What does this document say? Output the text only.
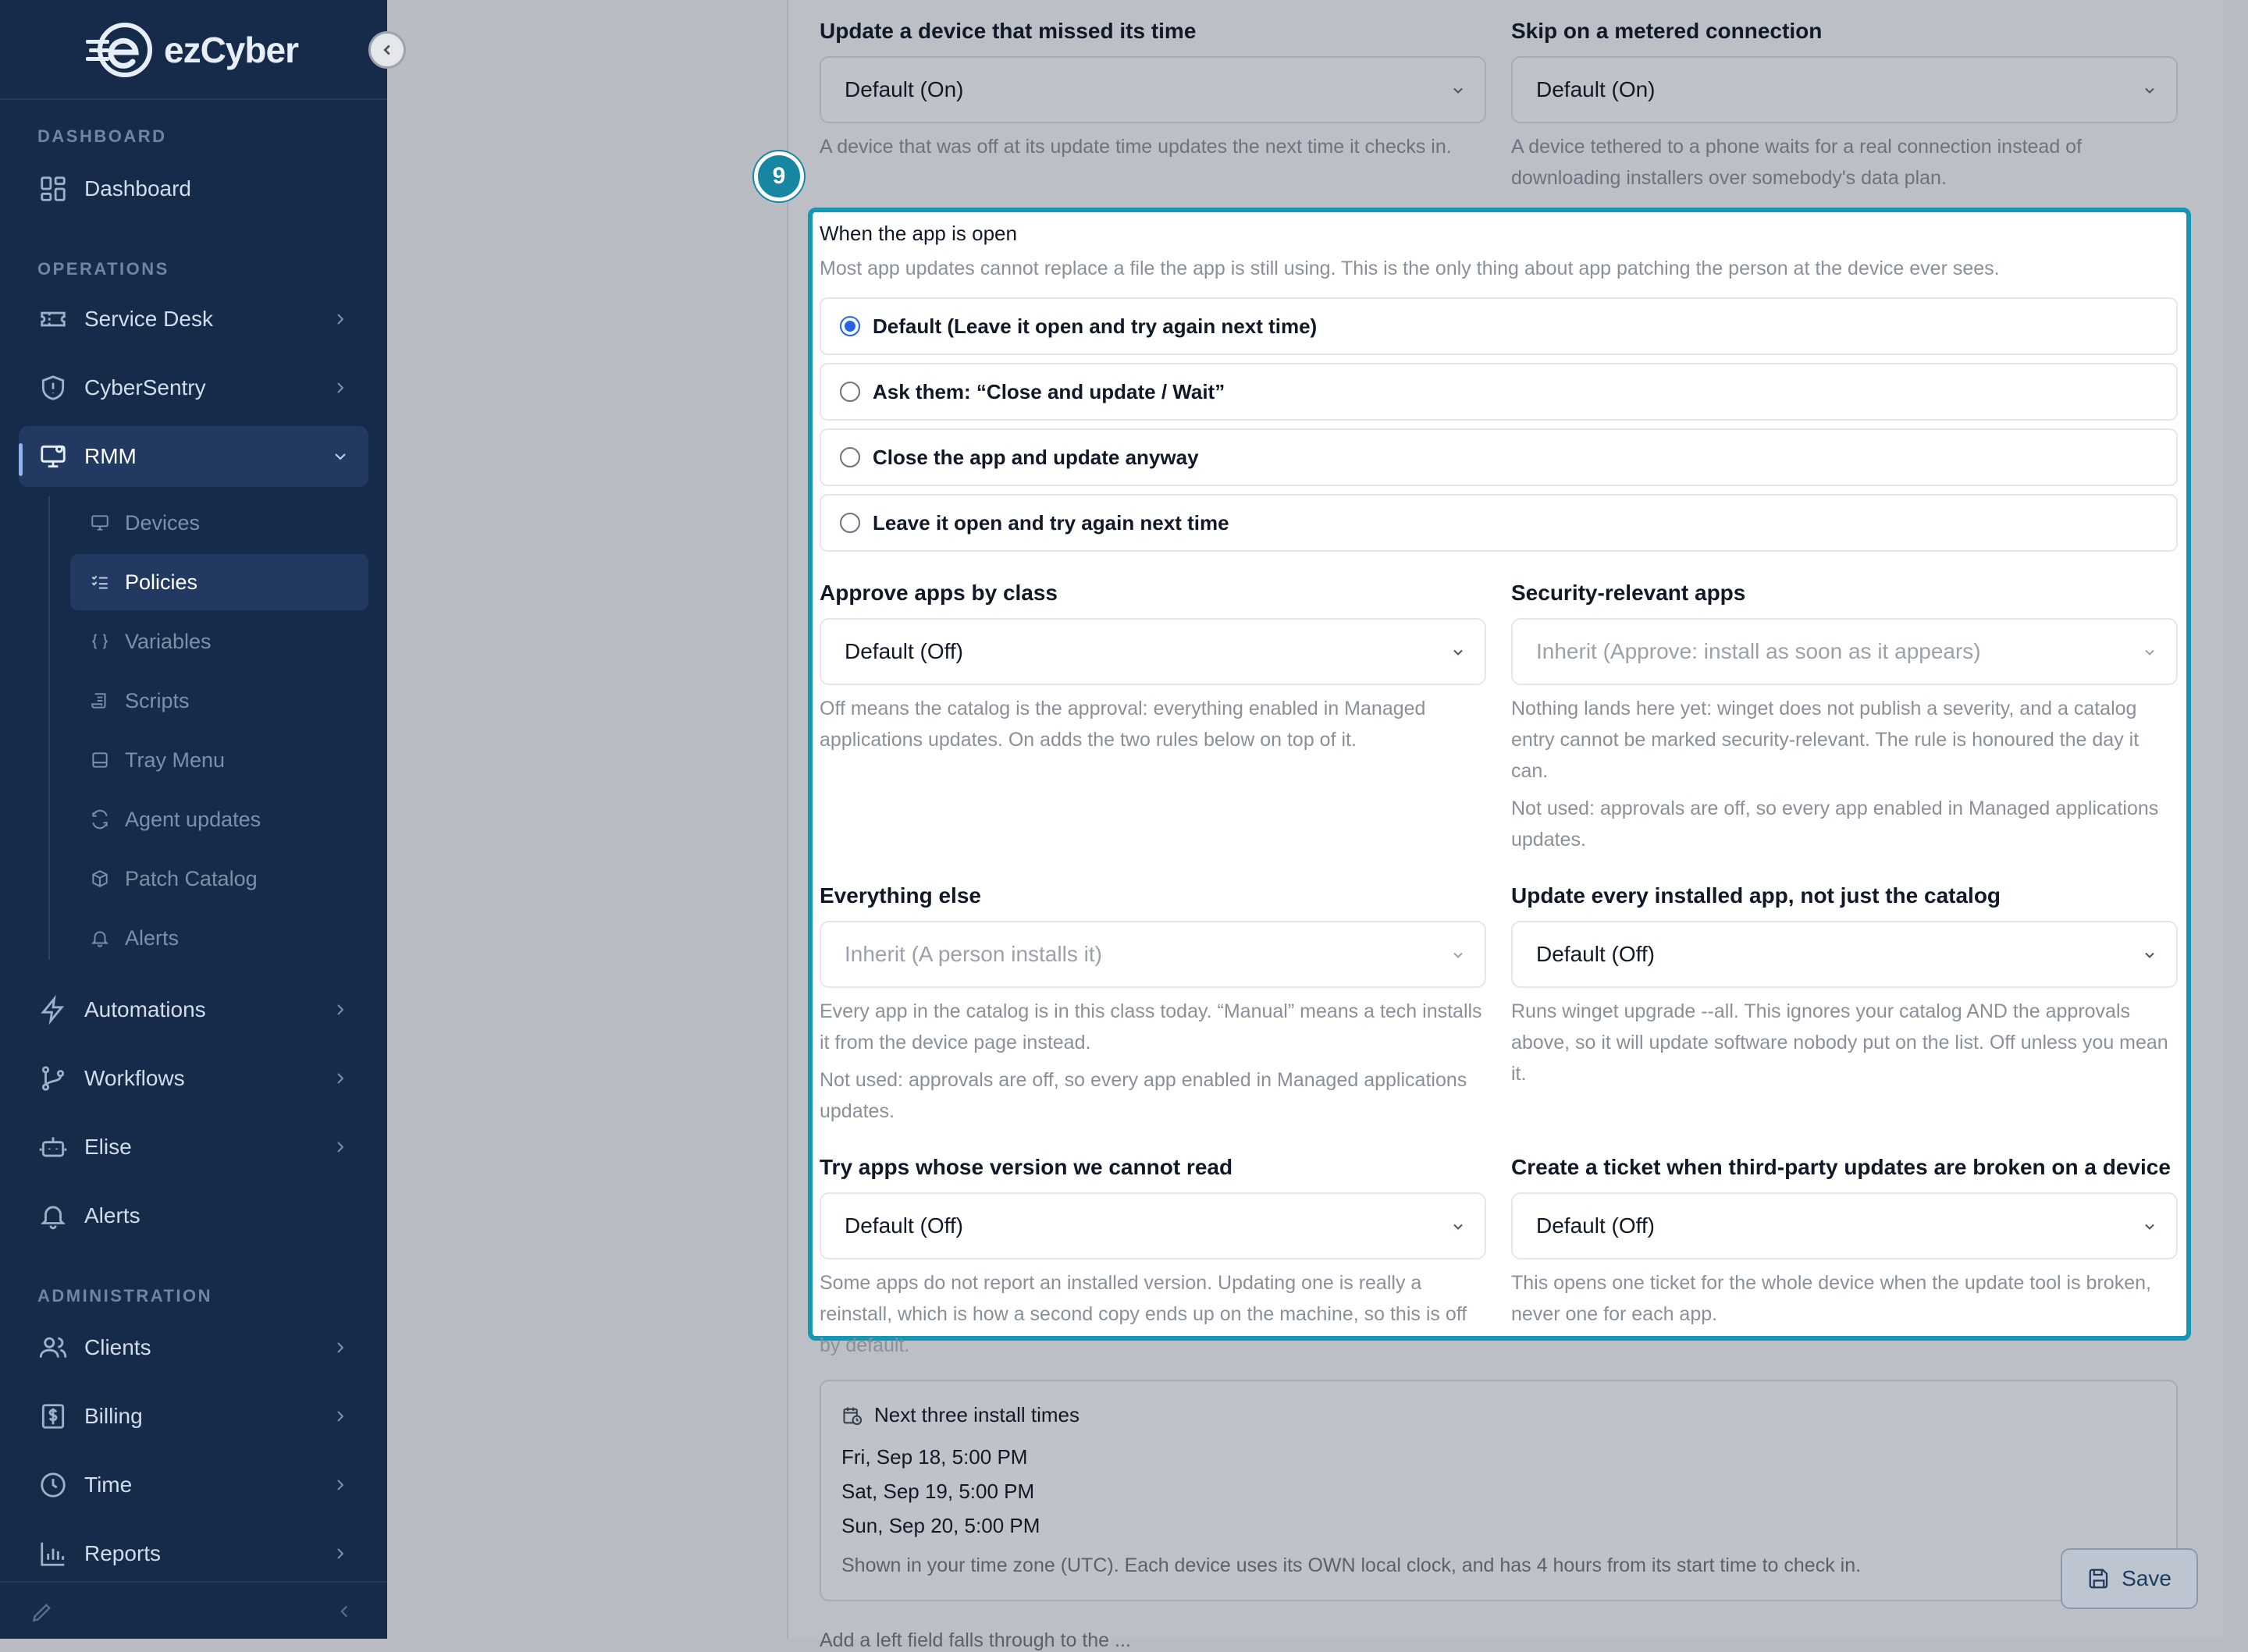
ezCyber
DASHBOARD
Dashboard
OPERATIONS
Service Desk
CyberSentry
RMM
Devices
Policies
Variables
Scripts
Tray Menu
Agent updates
Patch Catalog
Alerts
Automations
Workflows
Elise
Alerts
ADMINISTRATION
Clients
Billing
Time
Reports
Update a device that missed its time
Default (On)
A device that was off at its update time updates the next time it checks in.
Skip on a metered connection
Default (On)
A device tethered to a phone waits for a real connection instead of downloading installers over somebody's data plan.
9
When the app is open
Most app updates cannot replace a file the app is still using. This is the only thing about app patching the person at the device ever sees.
Default (Leave it open and try again next time)
Ask them: “Close and update / Wait”
Close the app and update anyway
Leave it open and try again next time
Approve apps by class
Default (Off)
Off means the catalog is the approval: everything enabled in Managed applications updates. On adds the two rules below on top of it.
Security-relevant apps
Inherit (Approve: install as soon as it appears)
Nothing lands here yet: winget does not publish a severity, and a catalog entry cannot be marked security-relevant. The rule is honoured the day it can.
Not used: approvals are off, so every app enabled in Managed applications updates.
Everything else
Inherit (A person installs it)
Every app in the catalog is in this class today. “Manual” means a tech installs it from the device page instead.
Not used: approvals are off, so every app enabled in Managed applications updates.
Update every installed app, not just the catalog
Default (Off)
Runs winget upgrade --all. This ignores your catalog AND the approvals above, so it will update software nobody put on the list. Off unless you mean it.
Try apps whose version we cannot read
Default (Off)
Some apps do not report an installed version. Updating one is really a reinstall, which is how a second copy ends up on the machine, so this is off by default.
Create a ticket when third-party updates are broken on a device
Default (Off)
This opens one ticket for the whole device when the update tool is broken, never one for each app.
Next three install times
Fri, Sep 18, 5:00 PM
Sat, Sep 19, 5:00 PM
Sun, Sep 20, 5:00 PM
Shown in your time zone (UTC). Each device uses its OWN local clock, and has 4 hours from its start time to check in.
Save
Add a left field falls through to the ...
